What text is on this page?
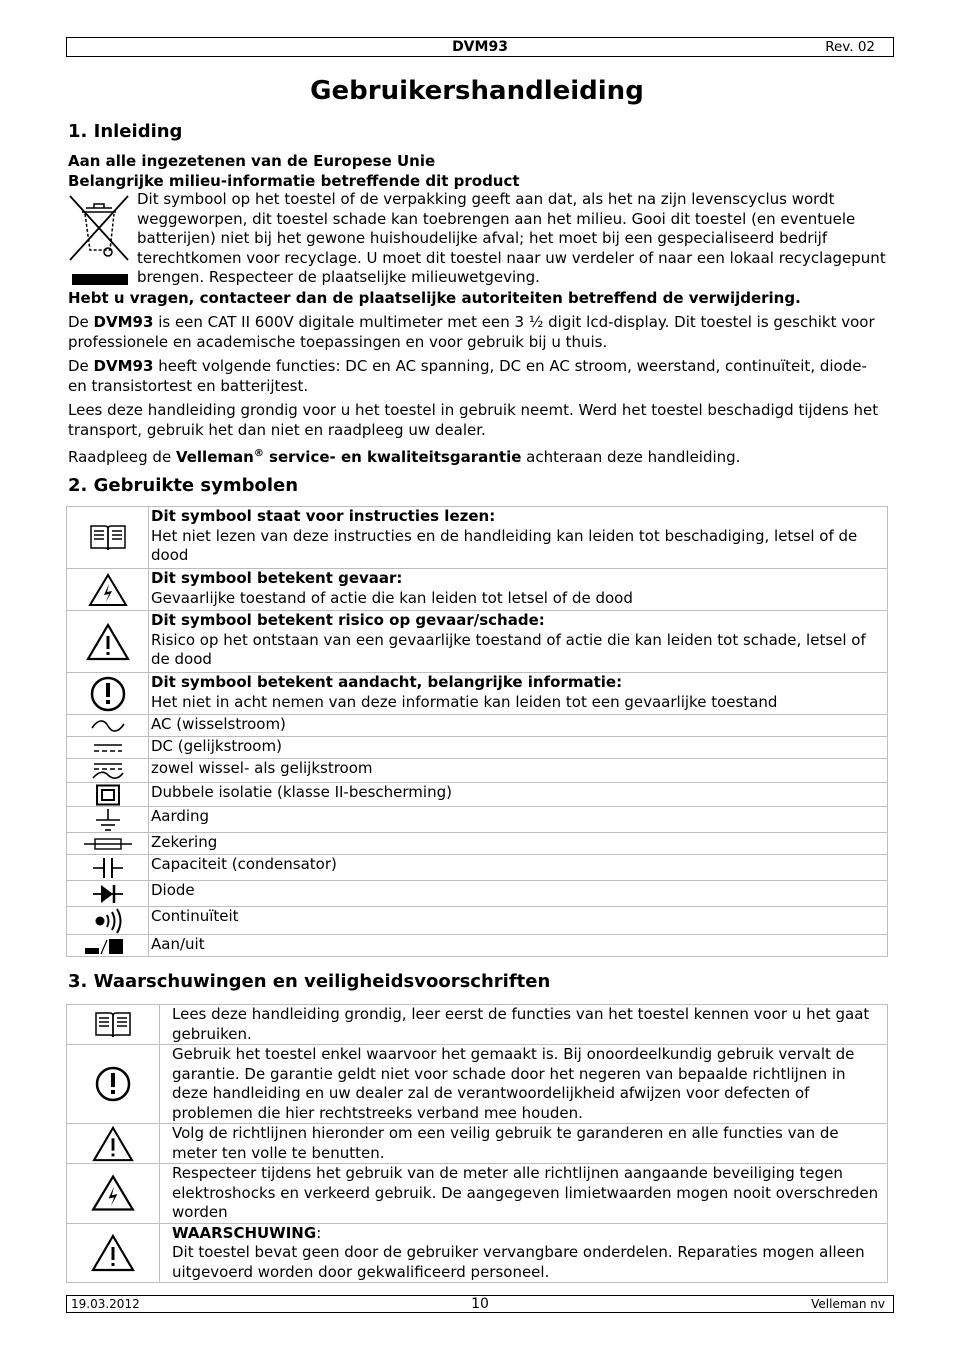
DVM93	Rev. 02
Gebruikershandleiding
1. Inleiding
Aan alle ingezetenen van de Europese Unie
Belangrijke milieu-informatie betreffende dit product
Dit symbool op het toestel of de verpakking geeft aan dat, als het na zijn levenscyclus wordt weggeworpen, dit toestel schade kan toebrengen aan het milieu. Gooi dit toestel (en eventuele batterijen) niet bij het gewone huishoudelijke afval; het moet bij een gespecialiseerd bedrijf terechtkomen voor recyclage. U moet dit toestel naar uw verdeler of naar een lokaal recyclagepunt brengen. Respecteer de plaatselijke milieuwetgeving.
Hebt u vragen, contacteer dan de plaatselijke autoriteiten betreffend de verwijdering.
De DVM93 is een CAT II 600V digitale multimeter met een 3 ½ digit lcd-display. Dit toestel is geschikt voor professionele en academische toepassingen en voor gebruik bij u thuis.
De DVM93 heeft volgende functies: DC en AC spanning, DC en AC stroom, weerstand, continuïteit, diode- en transistortest en batterijtest.
Lees deze handleiding grondig voor u het toestel in gebruik neemt. Werd het toestel beschadigd tijdens het transport, gebruik het dan niet en raadpleeg uw dealer.
Raadpleeg de Velleman® service- en kwaliteitsgarantie achteraan deze handleiding.
2. Gebruikte symbolen

Dit symbool staat voor instructies lezen:
Het niet lezen van deze instructies en de handleiding kan leiden tot beschadiging, letsel of de dood

Dit symbool betekent gevaar:
Gevaarlijke toestand of actie die kan leiden tot letsel of de dood

Dit symbool betekent risico op gevaar/schade:
Risico op het ontstaan van een gevaarlijke toestand of actie die kan leiden tot schade, letsel of de dood

Dit symbool betekent aandacht, belangrijke informatie:
Het niet in acht nemen van deze informatie kan leiden tot een gevaarlijke toestand

	AC (wisselstroom)

	DC (gelijkstroom)

	zowel wissel- als gelijkstroom

	Dubbele isolatie (klasse II-bescherming)

	Aarding

	Zekering

	Capaciteit (condensator)

	Diode

	Continuïteit

	Aan/uit
3. Waarschuwingen en veiligheidsvoorschriften
	Lees deze handleiding grondig, leer eerst de functies van het toestel kennen voor u het gaat gebruiken.

	Gebruik het toestel enkel waarvoor het gemaakt is. Bij onoordeelkundig gebruik vervalt de garantie. De garantie geldt niet voor schade door het negeren van bepaalde richtlijnen in deze handleiding en uw dealer zal de verantwoordelijkheid afwijzen voor defecten of problemen die hier rechtstreeks verband mee houden.

	Volg de richtlijnen hieronder om een veilig gebruik te garanderen en alle functies van de meter ten volle te benutten.

	Respecteer tijdens het gebruik van de meter alle richtlijnen aangaande beveiliging tegen elektroshocks en verkeerd gebruik. De aangegeven limietwaarden mogen nooit overschreden worden

WAARSCHUWING:
Dit toestel bevat geen door de gebruiker vervangbare onderdelen. Reparaties mogen alleen uitgevoerd worden door gekwalificeerd personeel.
19.03.2012	10	Velleman nv
